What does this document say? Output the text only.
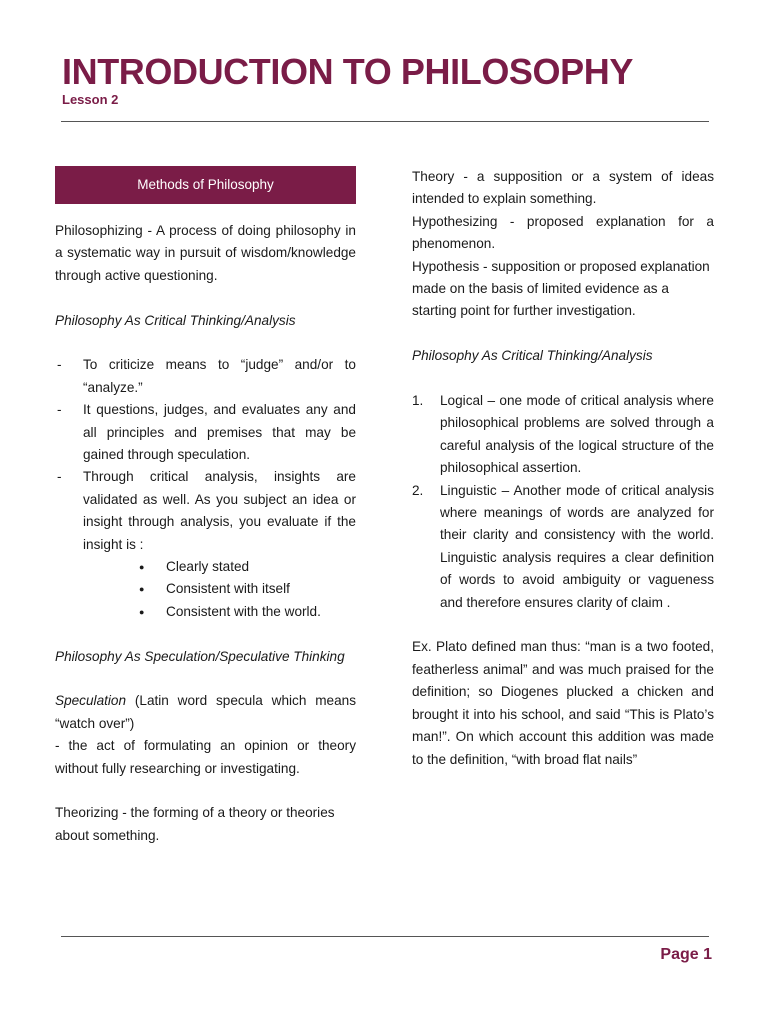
INTRODUCTION TO PHILOSOPHY
Lesson 2
Methods of Philosophy

Philosophizing - A process of doing philosophy in a systematic way in pursuit of wisdom/knowledge through active questioning.

Philosophy As Critical Thinking/Analysis

- To criticize means to “judge” and/or to “analyze.”
- It questions, judges, and evaluates any and all principles and premises that may be gained through speculation.
- Through critical analysis, insights are validated as well. As you subject an idea or insight through analysis, you evaluate if the insight is :
● Clearly stated
● Consistent with itself
● Consistent with the world.

Philosophy As Speculation/Speculative Thinking

Speculation (Latin word specula which means “watch over”)

- the act of formulating an opinion or theory without fully researching or investigating.

Theorizing - the forming of a theory or theories about something.

Theory - a supposition or a system of ideas intended to explain something.

Hypothesizing - proposed explanation for a phenomenon.

Hypothesis - supposition or proposed explanation made on the basis of limited evidence as a starting point for further investigation.

Philosophy As Critical Thinking/Analysis

1. Logical – one mode of critical analysis where philosophical problems are solved through a careful analysis of the logical structure of the philosophical assertion.
2. Linguistic – Another mode of critical analysis where meanings of words are analyzed for their clarity and consistency with the world. Linguistic analysis requires a clear definition of words to avoid ambiguity or vagueness and therefore ensures clarity of claim .

Ex. Plato defined man thus: “man is a two footed, featherless animal” and was much praised for the definition; so Diogenes plucked a chicken and brought it into his school, and said “This is Plato’s man!”. On which account this addition was made to the definition, “with broad flat nails”

Page 1
